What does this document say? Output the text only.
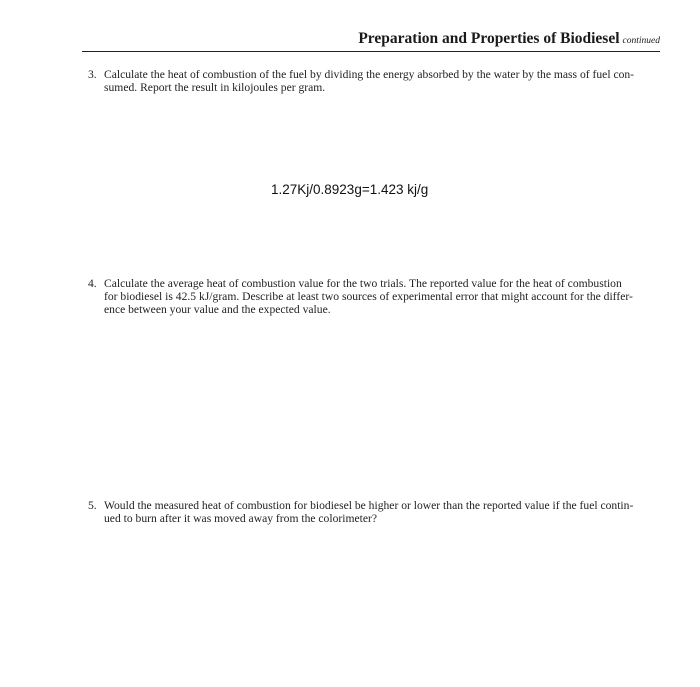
Preparation and Properties of Biodiesel continued
3. Calculate the heat of combustion of the fuel by dividing the energy absorbed by the water by the mass of fuel con-
sumed. Report the result in kilojoules per gram.
1.27Kj/0.8923g=1.423 kj/g
4. Calculate the average heat of combustion value for the two trials. The reported value for the heat of combustion
for biodiesel is 42.5 kJ/gram. Describe at least two sources of experimental error that might account for the differ-
ence between your value and the expected value.
5. Would the measured heat of combustion for biodiesel be higher or lower than the reported value if the fuel contin-
ued to burn after it was moved away from the colorimeter?
